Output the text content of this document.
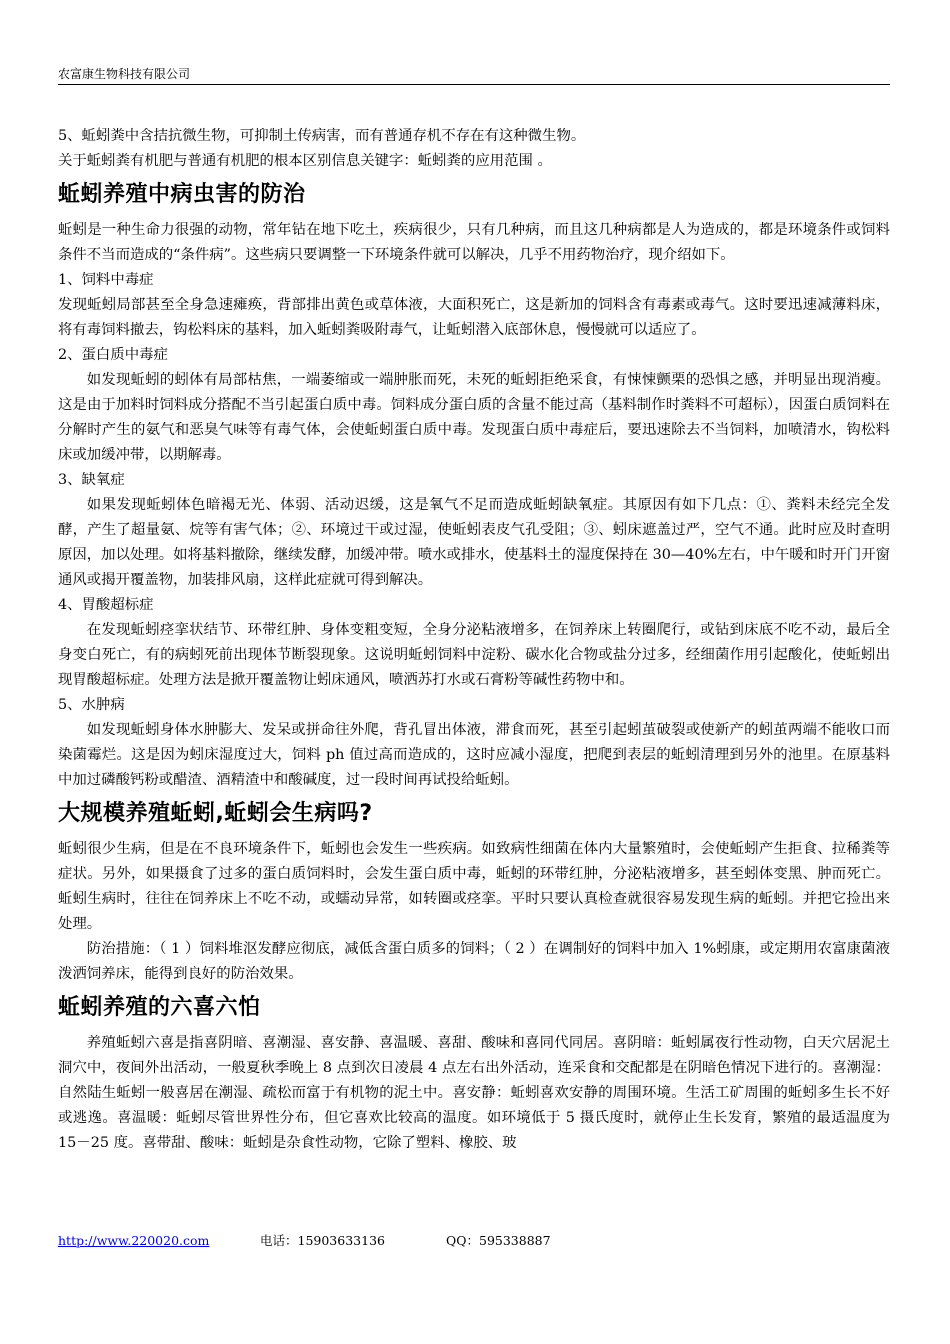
农富康生物科技有限公司

5、蚯蚓粪中含拮抗微生物，可抑制土传病害，而有普通存机不存在有这种微生物。

关于蚯蚓粪有机肥与普通有机肥的根本区别信息关键字：蚯蚓粪的应用范围 。

蚯蚓养殖中病虫害的防治

蚯蚓是一种生命力很强的动物，常年钻在地下吃土，疾病很少，只有几种病，而且这几种病都是人为造成的，都是环境条件或饲料条件不当而造成的“条件病”。这些病只要调整一下环境条件就可以解决，几乎不用药物治疗，现介绍如下。

1、饲料中毒症

发现蚯蚓局部甚至全身急速瘫痪，背部排出黄色或草体液，大面积死亡，这是新加的饲料含有毒素或毒气。这时要迅速减薄料床，将有毒饲料撤去，钩松料床的基料，加入蚯蚓粪吸附毒气，让蚯蚓潜入底部休息，慢慢就可以适应了。

2、蛋白质中毒症

如发现蚯蚓的蚓体有局部枯焦，一端萎缩或一端肿胀而死，未死的蚯蚓拒绝采食，有悚悚颤栗的恐惧之感，并明显出现消瘦。这是由于加料时饲料成分搭配不当引起蛋白质中毒。饲料成分蛋白质的含量不能过高（基料制作时粪料不可超标），因蛋白质饲料在分解时产生的氨气和恶臭气味等有毒气体，会使蚯蚓蛋白质中毒。发现蛋白质中毒症后，要迅速除去不当饲料，加喷清水，钩松料床或加缓冲带，以期解毒。

3、缺氧症

如果发现蚯蚓体色暗褐无光、体弱、活动迟缓，这是氧气不足而造成蚯蚓缺氧症。其原因有如下几点：①、粪料未经完全发酵，产生了超量氨、烷等有害气体；②、环境过干或过湿，使蚯蚓表皮气孔受阻；③、蚓床遮盖过严，空气不通。此时应及时查明原因，加以处理。如将基料撤除，继续发酵，加缓冲带。喷水或排水，使基料土的湿度保持在 30—40%左右，中午暖和时开门开窗通风或揭开覆盖物，加装排风扇，这样此症就可得到解决。

4、胃酸超标症

在发现蚯蚓痉挛状结节、环带红肿、身体变粗变短，全身分泌粘液增多，在饲养床上转圈爬行，或钻到床底不吃不动，最后全身变白死亡，有的病蚓死前出现体节断裂现象。这说明蚯蚓饲料中淀粉、碳水化合物或盐分过多，经细菌作用引起酸化，使蚯蚓出现胃酸超标症。处理方法是掀开覆盖物让蚓床通风，喷洒苏打水或石膏粉等碱性药物中和。

5、水肿病

如发现蚯蚓身体水肿膨大、发呆或拼命往外爬，背孔冒出体液，滞食而死，甚至引起蚓茧破裂或使新产的蚓茧两端不能收口而染菌霉烂。这是因为蚓床湿度过大，饲料 ph 值过高而造成的，这时应减小湿度，把爬到表层的蚯蚓清理到另外的池里。在原基料中加过磷酸钙粉或醋渣、酒精渣中和酸碱度，过一段时间再试投给蚯蚓。

大规模养殖蚯蚓,蚯蚓会生病吗?

蚯蚓很少生病，但是在不良环境条件下，蚯蚓也会发生一些疾病。如致病性细菌在体内大量繁殖时，会使蚯蚓产生拒食、拉稀粪等症状。另外，如果摄食了过多的蛋白质饲料时，会发生蛋白质中毒，蚯蚓的环带红肿，分泌粘液增多，甚至蚓体变黑、肿而死亡。蚯蚓生病时，往往在饲养床上不吃不动，或蠕动异常，如转圈或痉挛。平时只要认真检查就很容易发现生病的蚯蚓。并把它捡出来处理。

防治措施：（ 1 ）饲料堆沤发酵应彻底，减低含蛋白质多的饲料；（ 2 ）在调制好的饲料中加入 1%蚓康，或定期用农富康菌液泼洒饲养床，能得到良好的防治效果。

蚯蚓养殖的六喜六怕

养殖蚯蚓六喜是指喜阴暗、喜潮湿、喜安静、喜温暖、喜甜、酸味和喜同代同居。喜阴暗：蚯蚓属夜行性动物，白天穴居泥土洞穴中，夜间外出活动，一般夏秋季晚上 8 点到次日凌晨 4 点左右出外活动，连采食和交配都是在阴暗色情况下进行的。喜潮湿：自然陆生蚯蚓一般喜居在潮湿、疏松而富于有机物的泥土中。喜安静：蚯蚓喜欢安静的周围环境。生活工矿周围的蚯蚓多生长不好或逃逸。喜温暖：蚯蚓尽管世界性分布，但它喜欢比较高的温度。如环境低于 5 摄氏度时，就停止生长发育，繁殖的最适温度为 15－25 度。喜带甜、酸味：蚯蚓是杂食性动物，它除了塑料、橡胶、玻

http://www.220020.com	电话：15903633136	QQ：595338887
